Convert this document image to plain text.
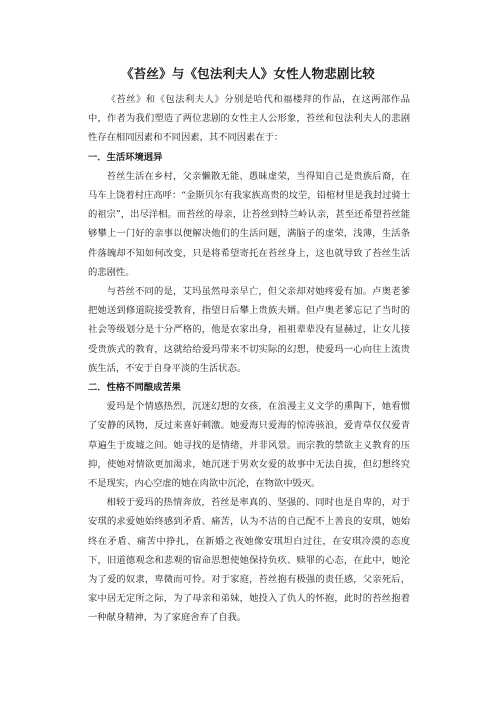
《苔丝》与《包法利夫人》女性人物悲剧比较

《苔丝》和《包法利夫人》分别是哈代和福楼拜的作品，在这两部作品中，作者为我们塑造了两位悲剧的女性主人公形象，苔丝和包法利夫人的悲剧性存在相同因素和不同因素，其不同因素在于：

一．生活环境迥异

苔丝生活在乡村，父亲懒散无能、愚昧虚荣，当得知自己是贵族后裔，在马车上饶着村庄高呼：“金斯贝尔有我家族高贵的坟茔，铅棺材里是我封过骑士的祖宗”，出尽洋相。而苔丝的母亲，让苔丝到特兰岭认亲，甚至还希望苔丝能够攀上一门好的亲事以便解决他们的生活问题，满脑子的虚荣，浅薄，生活条件落魄却不知如何改变，只是将希望寄托在苔丝身上，这也就导致了苔丝生活的悲剧性。

与苔丝不同的是，艾玛虽然母亲早亡，但父亲却对她疼爱有加。卢奥老爹把她送到修道院接受教育，指望日后攀上贵族夫婿。但卢奥老爹忘记了当时的社会等级划分是十分严格的，他是农家出身，祖祖辈辈没有显赫过，让女儿接受贵族式的教育，这就给给爱玛带来不切实际的幻想，使爱玛一心向往上流贵族生活，不安于自身平淡的生活状态。

二．性格不同酿成苦果

爱玛是个情感热烈，沉迷幻想的女孩，在浪漫主义文学的熏陶下，她看惯了安静的风物，反过来喜好刺激。她爱海只爱海的惊涛骇浪，爱青草仅仅爱青草遍生于废墟之间。她寻找的是情绪，并非风景。而宗教的禁欲主义教育的压抑，使她对情欲更加渴求，她沉迷于男欢女爱的故事中无法自拔，但幻想终究不是现实，内心空虚的她在肉欲中沉沦，在物欲中毁灭。

相较于爱玛的热情奔放，苔丝是率真的、坚强的、同时也是自卑的，对于安琪的求爱她始终感到矛盾、痛苦，认为不洁的自己配不上善良的安琪，她始终在矛盾、痛苦中挣扎，在新婚之夜她像安琪坦白过往，在安琪冷漠的态度下，旧道德观念和悲观的宿命思想使她保持负疚、赎罪的心态，在此中，她沦为了爱的奴隶，卑微而可怜。对于家庭，苔丝抱有极强的责任感，父亲死后，家中居无定所之际，为了母亲和弟妹，她投入了仇人的怀抱，此时的苔丝抱着一种献身精神，为了家庭舍弃了自我。
